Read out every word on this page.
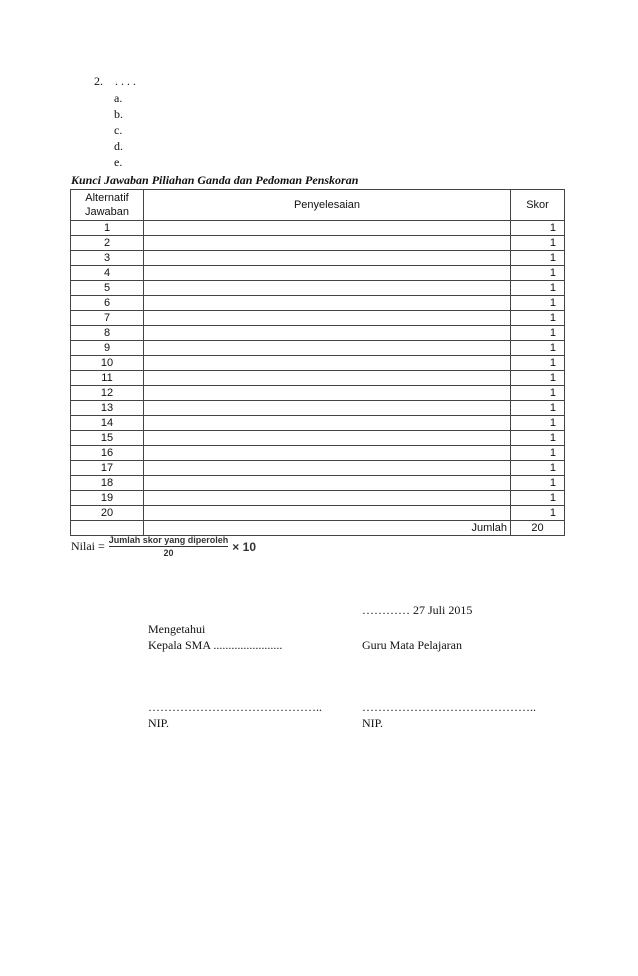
2. . . . .
a.
b.
c.
d.
e.
Kunci Jawaban Piliahan Ganda dan Pedoman Penskoran
Alternatif Jawaban	Penyelesaian	Skor
1		1
2		1
3		1
4		1
5		1
6		1
7		1
8		1
9		1
10		1
11		1
12		1
13		1
14		1
15		1
16		1
17		1
18		1
19		1
20		1
	Jumlah	20
Nilai = $\frac{\text{Jumlah skor yang diperoleh}}{20} \times 10$
………… 27 Juli 2015
Mengetahui
Kepala SMA .......................	Guru Mata Pelajaran
……………………………………..	……………………………………..
NIP.	NIP.
